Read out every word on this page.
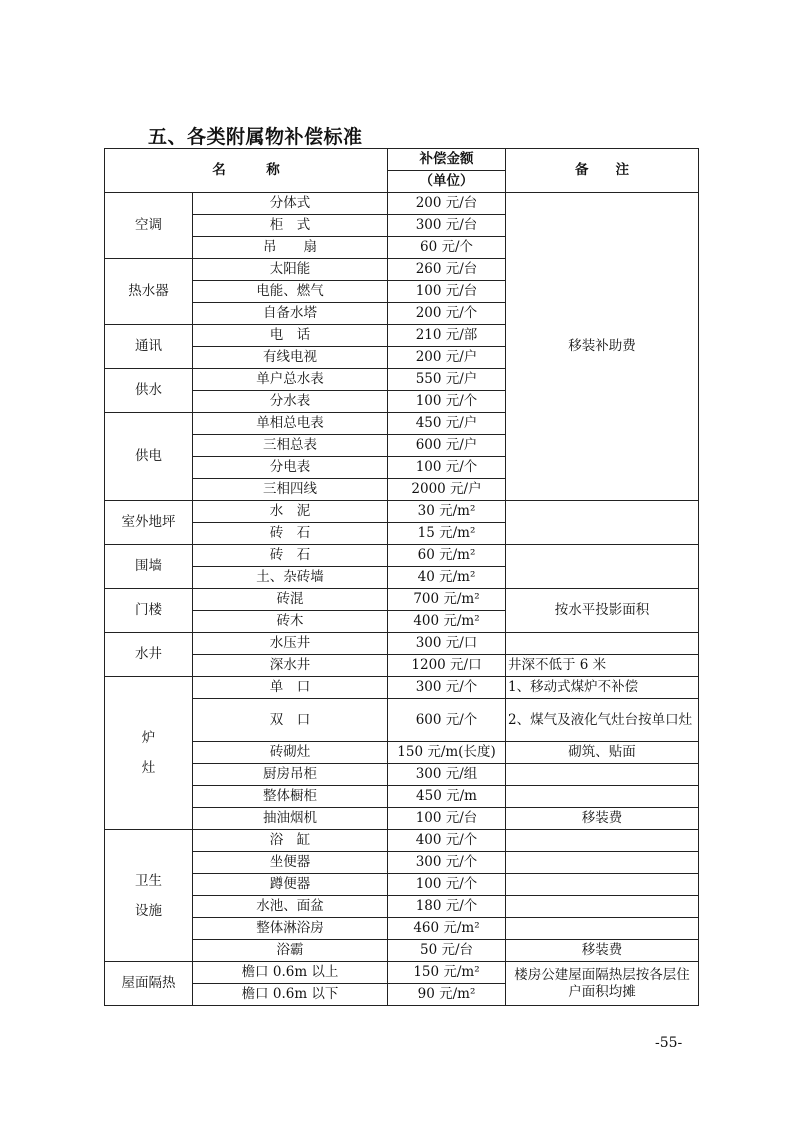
五、各类附属物补偿标准
名　　　称		补偿金额	备　　注
		（单位）	
空调	分体式	200 元/台	移装补助费
	柜　式	300 元/台	
	吊　　扇	60 元/个	
热水器	太阳能	260 元/台	
	电能、燃气	100 元/台	
	自备水塔	200 元/个	
通讯	电　话	210 元/部	
	有线电视	200 元/户	
供水	单户总水表	550 元/户	
	分水表	100 元/个	
供电	单相总电表	450 元/户	
	三相总表	600 元/户	
	分电表	100 元/个	
	三相四线	2000 元/户	
室外地坪	水　泥	30 元/m²	
	砖　石	15 元/m²	
围墙	砖　石	60 元/m²	
	土、杂砖墙	40 元/m²	
门楼	砖混	700 元/m²	按水平投影面积
	砖木	400 元/m²	
水井	水压井	300 元/口	
	深水井	1200 元/口	井深不低于 6 米
炉　灶	单　口	300 元/个	1、移动式煤炉不补偿
	双　口	600 元/个	2、煤气及液化气灶台按单口灶
	砖砌灶	150 元/m(长度)	砌筑、贴面
	厨房吊柜	300 元/组	
	整体橱柜	450 元/m	
	抽油烟机	100 元/台	移装费
卫生设施	浴　缸	400 元/个	
	坐便器	300 元/个	
	蹲便器	100 元/个	
	水池、面盆	180 元/个	
	整体淋浴房	460 元/m²	
	浴霸	50 元/台	移装费
屋面隔热	檐口 0.6m 以上	150 元/m²	楼房公建屋面隔热层按各层住户面积均摊
	檐口 0.6m 以下	90 元/m²	
-55-
